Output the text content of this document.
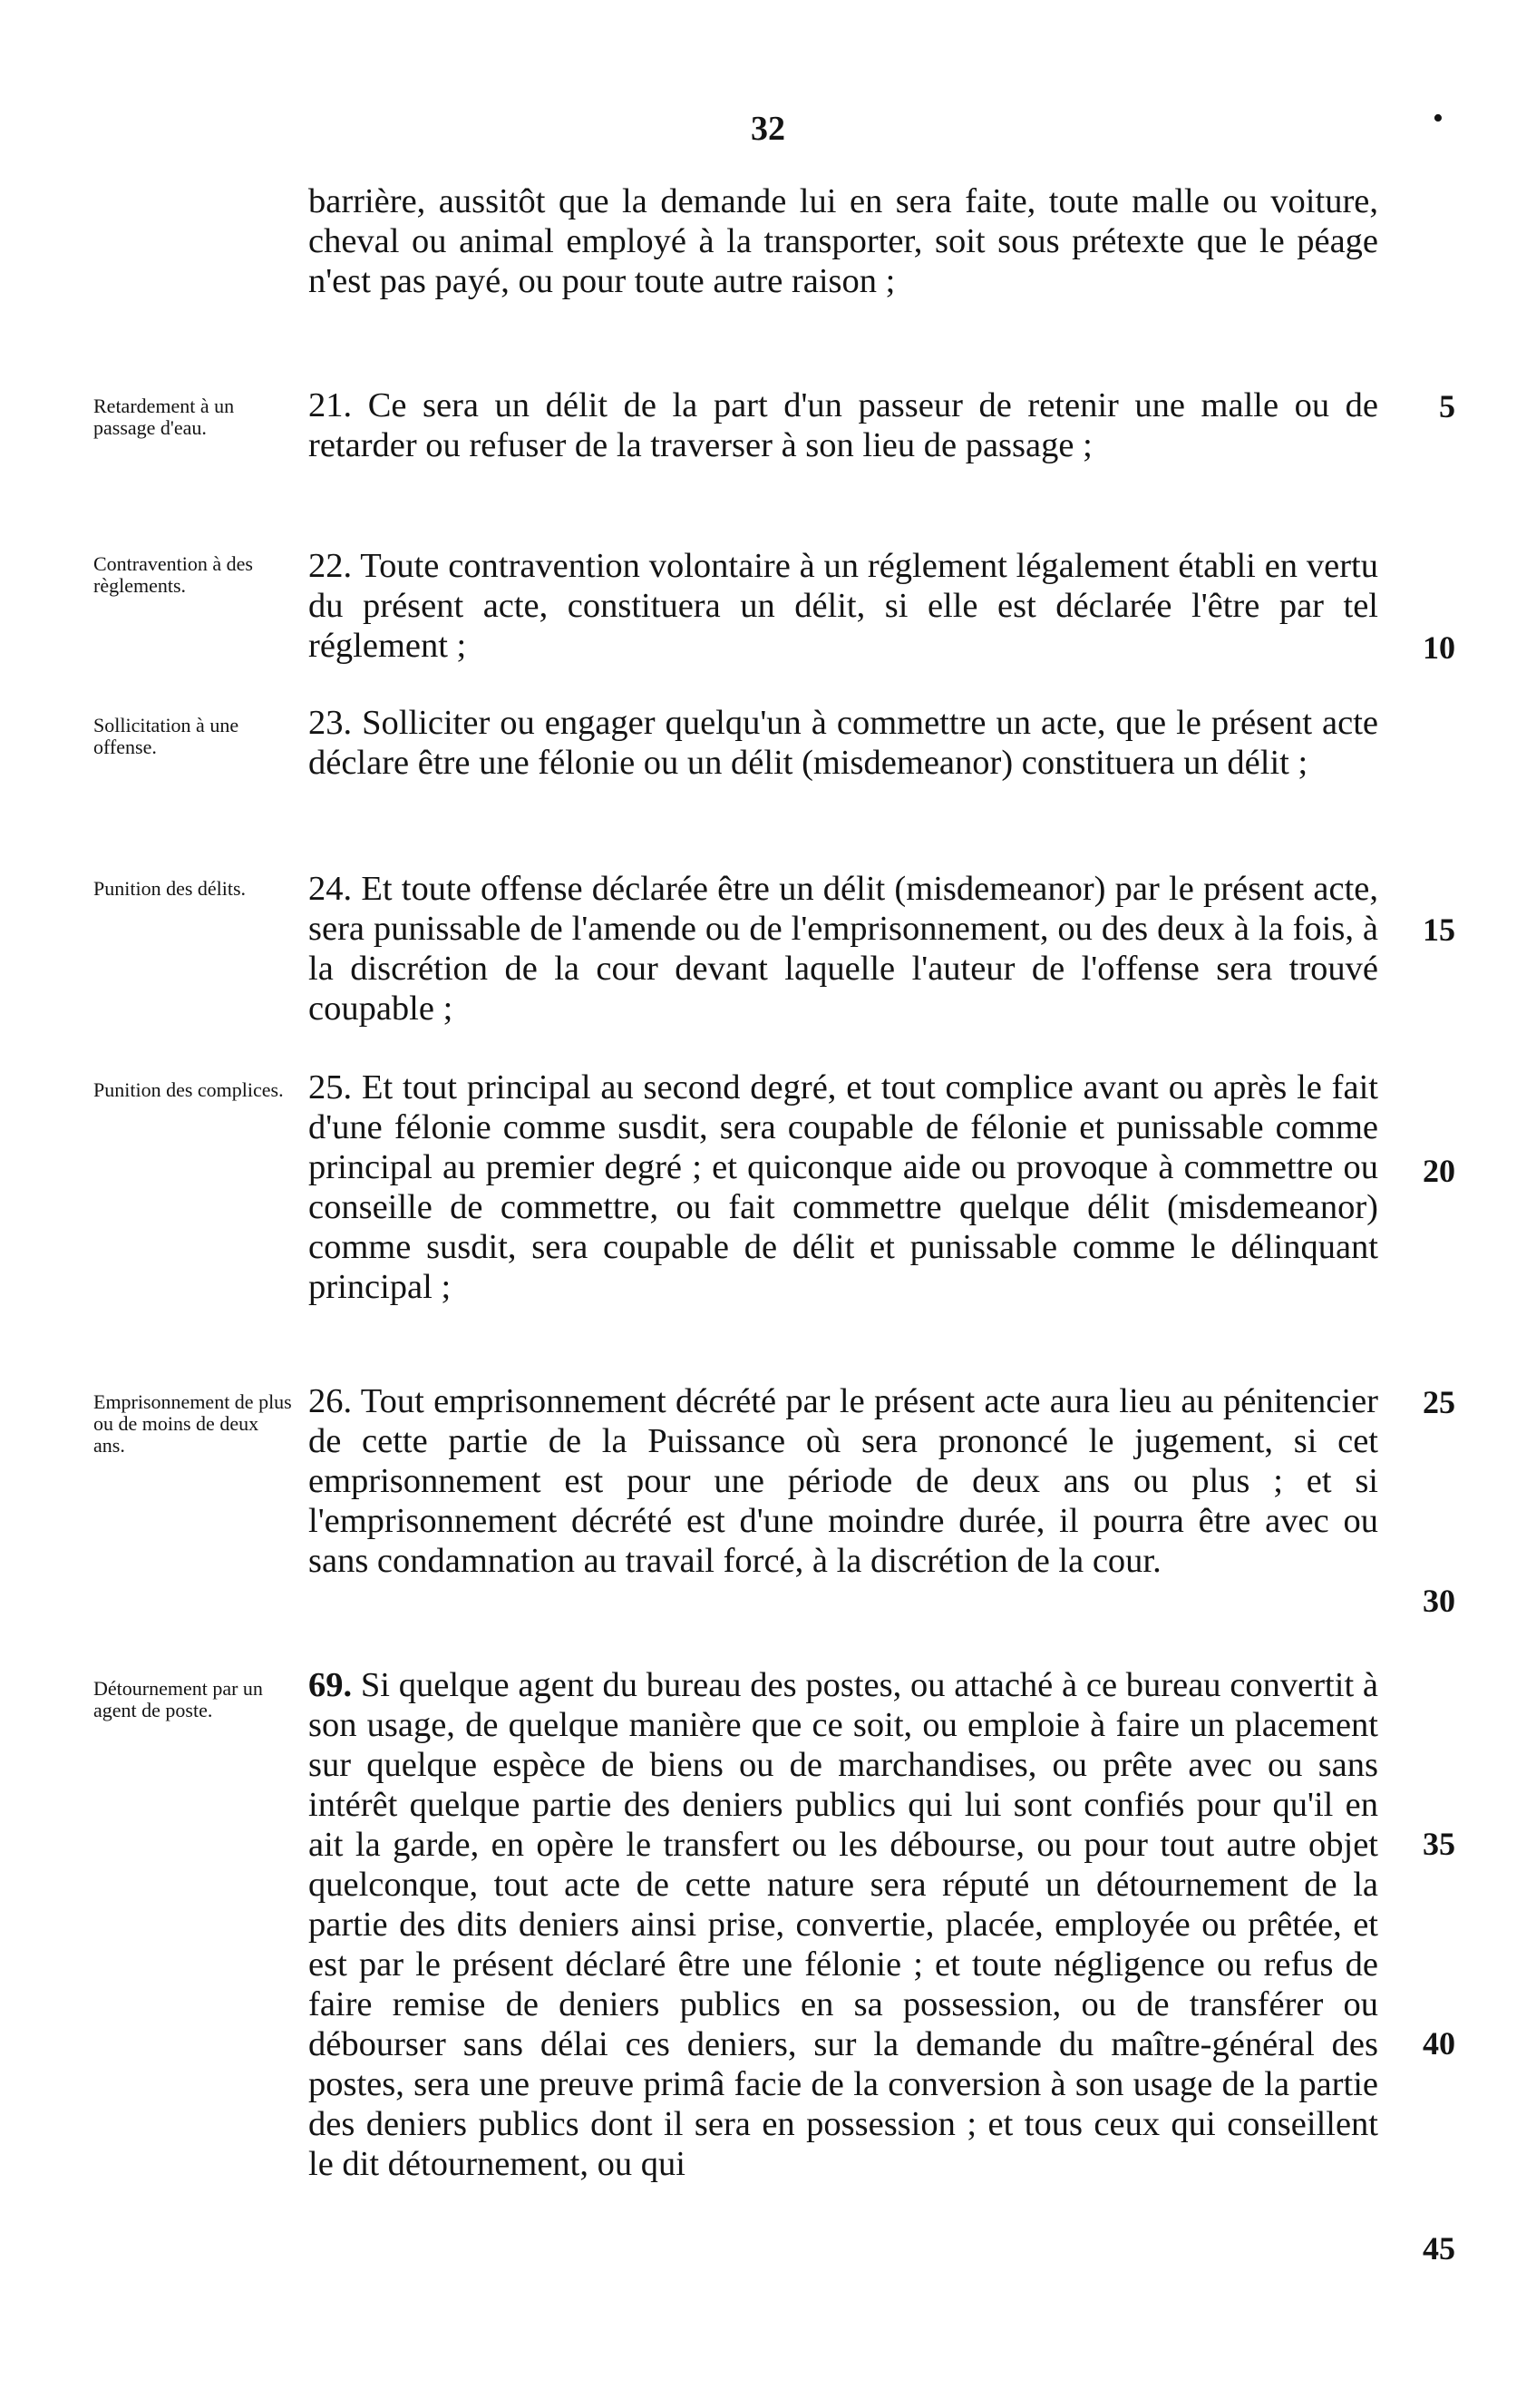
32	•
barrière, aussitôt que la demande lui en sera faite, toute malle ou voiture, cheval ou animal employé à la transporter, soit sous prétexte que le péage n'est pas payé, ou pour toute autre raison ;
Retardement à un passage d'eau.
21. Ce sera un délit de la part d'un passeur de retenir une malle ou de retarder ou refuser de la traverser à son lieu de passage ;
Contravention à des règlements.
22. Toute contravention volontaire à un réglement légalement établi en vertu du présent acte, constituera un délit, si elle est déclarée l'être par tel réglement ;
Sollicitation à une offense.
23. Solliciter ou engager quelqu'un à commettre un acte, que le présent acte déclare être une félonie ou un délit (misdemeanor) constituera un délit ;
Punition des délits.	24. Et toute offense déclarée être un délit (misdemeanor) par le présent acte, sera punissable de l'amende ou de l'emprisonnement, ou des deux à la fois, à la discrétion de la cour devant laquelle l'auteur de l'offense sera trouvé coupable ;
Punition des complices. 25. Et tout principal au second degré, et tout complice avant ou après le fait d'une félonie comme susdit, sera coupable de félonie et punissable comme principal au premier degré ; et quiconque aide ou provoque à commettre ou conseille de commettre, ou fait commettre quelque délit (misdemeanor) comme susdit, sera coupable de délit et punissable comme le délinquant principal ;
Emprisonnement de plus ou de moins de deux ans.
26. Tout emprisonnement décrété par le présent acte aura lieu au pénitencier de cette partie de la Puissance où sera prononcé le jugement, si cet emprisonnement est pour une période de deux ans ou plus ; et si l'emprisonnement décrété est d'une moindre durée, il pourra être avec ou sans condamnation au travail forcé, à la discrétion de la cour.
Détournement par un agent de poste.
69. Si quelque agent du bureau des postes, ou attaché à ce bureau convertit à son usage, de quelque manière que ce soit, ou emploie à faire un placement sur quelque espèce de biens ou de marchandises, ou prête avec ou sans intérêt quelque partie des deniers publics qui lui sont confiés pour qu'il en ait la garde, en opère le transfert ou les débourse, ou pour tout autre objet quelconque, tout acte de cette nature sera réputé un détournement de la partie des dits deniers ainsi prise, convertie, placée, employée ou prêtée, et est par le présent déclaré être une félonie ; et toute négligence ou refus de faire remise de deniers publics en sa possession, ou de transférer ou débourser sans délai ces deniers, sur la demande du maître-général des postes, sera une preuve primâ facie de la conversion à son usage de la partie des deniers publics dont il sera en possession ; et tous ceux qui conseillent le dit détournement, ou qui
5
10
15
20
25
30
35
40
45
